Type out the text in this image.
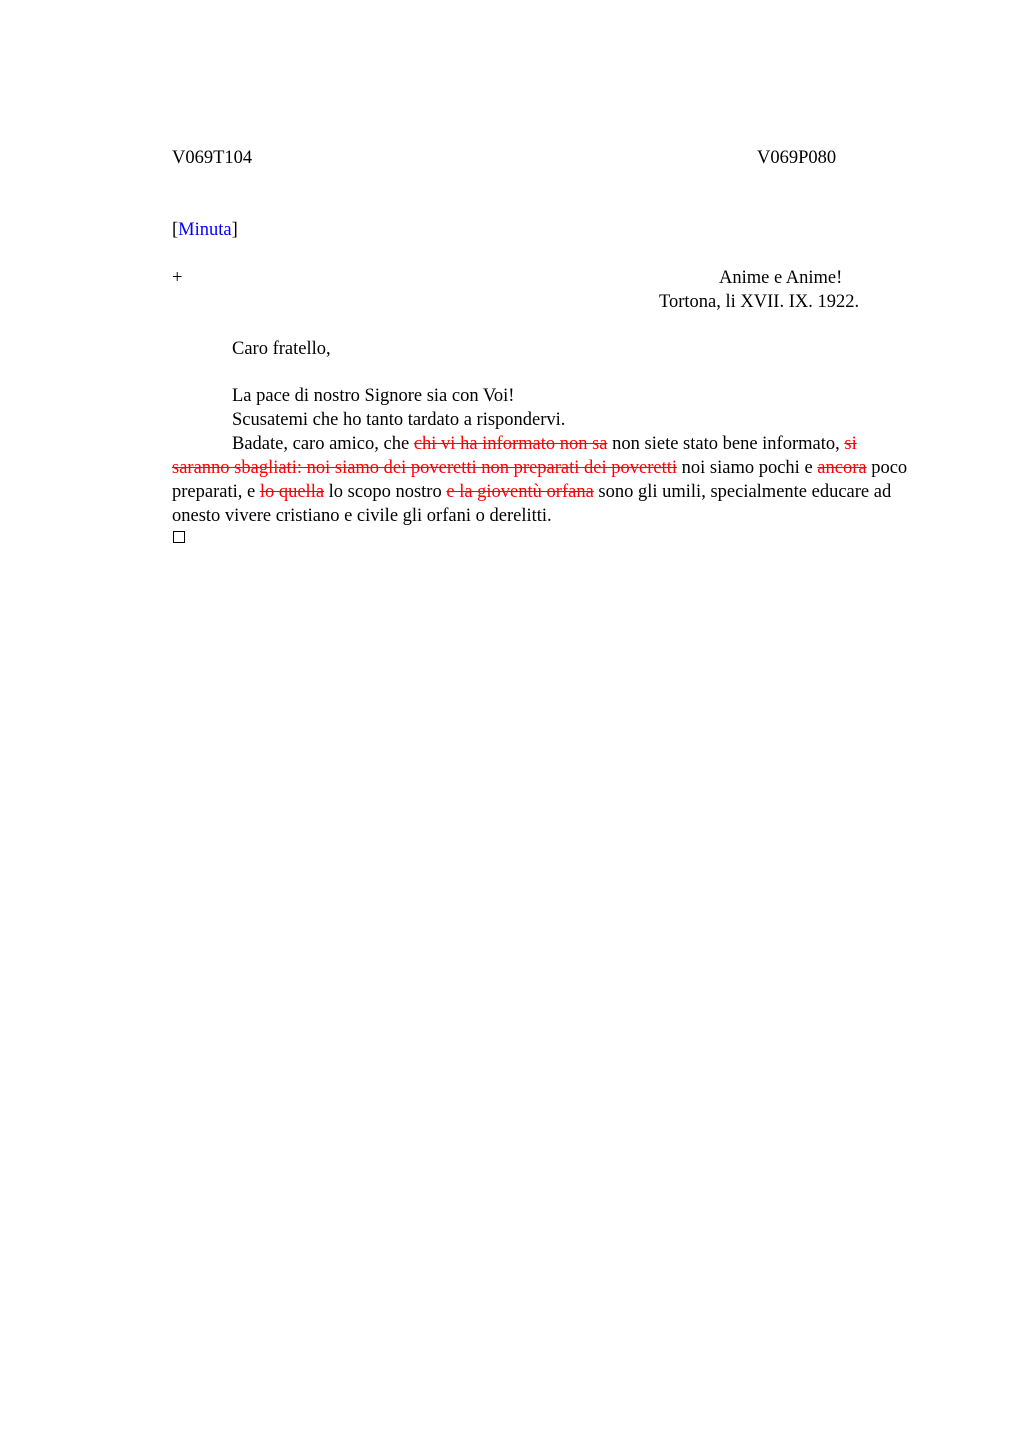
V069T104	V069P080
[Minuta]
+	Anime e Anime!
Tortona, li XVII. IX. 1922.
Caro fratello,
La pace di nostro Signore sia con Voi!
Scusatemi che ho tanto tardato a rispondervi.
Badate, caro amico, che chi vi ha informato non sa non siete stato bene informato, si saranno sbagliati: noi siamo dei poveretti non preparati dei poveretti noi siamo pochi e ancora poco preparati, e lo quella lo scopo nostro e la gioventù orfana sono gli umili, specialmente educare ad onesto vivere cristiano e civile gli orfani o derelitti.
